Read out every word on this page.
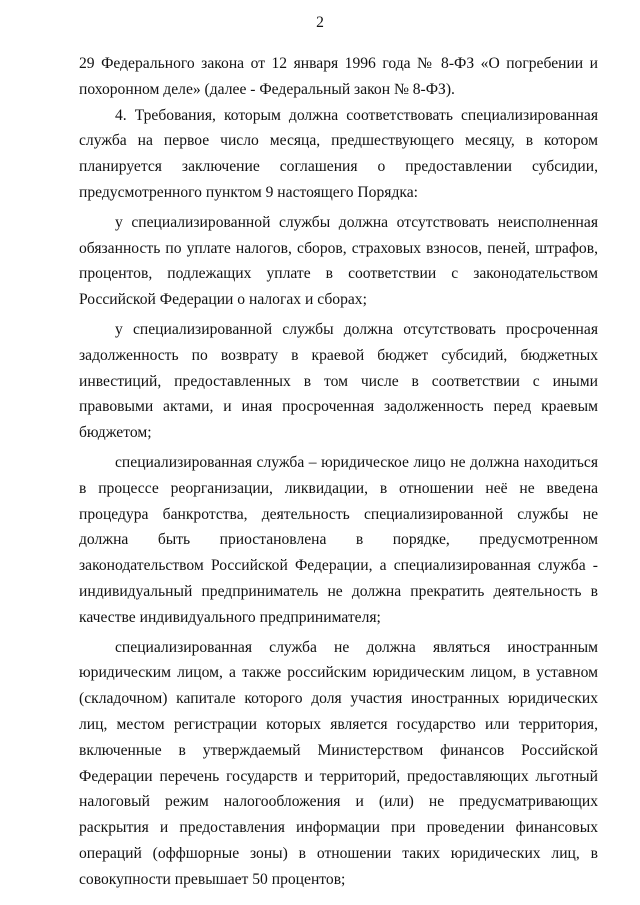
2

29 Федерального закона от 12 января 1996 года № 8-ФЗ «О погребении и похоронном деле» (далее - Федеральный закон № 8-ФЗ).

4. Требования, которым должна соответствовать специализированная служба на первое число месяца, предшествующего месяцу, в котором планируется заключение соглашения о предоставлении субсидии, предусмотренного пунктом 9 настоящего Порядка:

у специализированной службы должна отсутствовать неисполненная обязанность по уплате налогов, сборов, страховых взносов, пеней, штрафов, процентов, подлежащих уплате в соответствии с законодательством Российской Федерации о налогах и сборах;

у специализированной службы должна отсутствовать просроченная задолженность по возврату в краевой бюджет субсидий, бюджетных инвестиций, предоставленных в том числе в соответствии с иными правовыми актами, и иная просроченная задолженность перед краевым бюджетом;

специализированная служба – юридическое лицо не должна находиться в процессе реорганизации, ликвидации, в отношении неё не введена процедура банкротства, деятельность специализированной службы не должна быть приостановлена в порядке, предусмотренном законодательством Российской Федерации, а специализированная служба - индивидуальный предприниматель не должна прекратить деятельность в качестве индивидуального предпринимателя;

специализированная служба не должна являться иностранным юридическим лицом, а также российским юридическим лицом, в уставном (складочном) капитале которого доля участия иностранных юридических лиц, местом регистрации которых является государство или территория, включенные в утверждаемый Министерством финансов Российской Федерации перечень государств и территорий, предоставляющих льготный налоговый режим налогообложения и (или) не предусматривающих раскрытия и предоставления информации при проведении финансовых операций (оффшорные зоны) в отношении таких юридических лиц, в совокупности превышает 50 процентов;
